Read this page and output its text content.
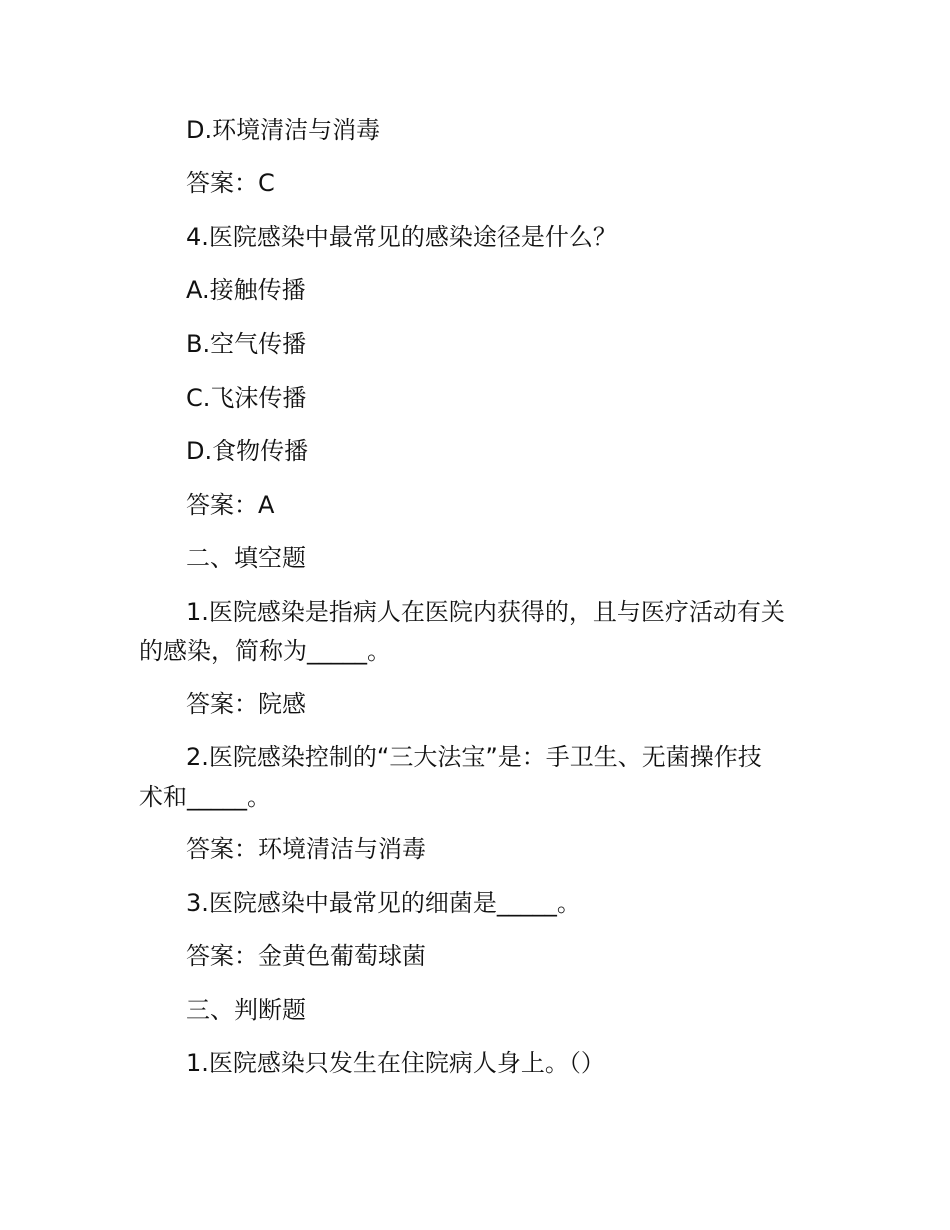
D.环境清洁与消毒
答案：C
4.医院感染中最常见的感染途径是什么？
A.接触传播
B.空气传播
C.飞沫传播
D.食物传播
答案：A
二、填空题
1.医院感染是指病人在医院内获得的，且与医疗活动有关
的感染，简称为_____。
答案：院感
2.医院感染控制的“三大法宝”是：手卫生、无菌操作技
术和_____。
答案：环境清洁与消毒
3.医院感染中最常见的细菌是_____。
答案：金黄色葡萄球菌
三、判断题
1.医院感染只发生在住院病人身上。（）
